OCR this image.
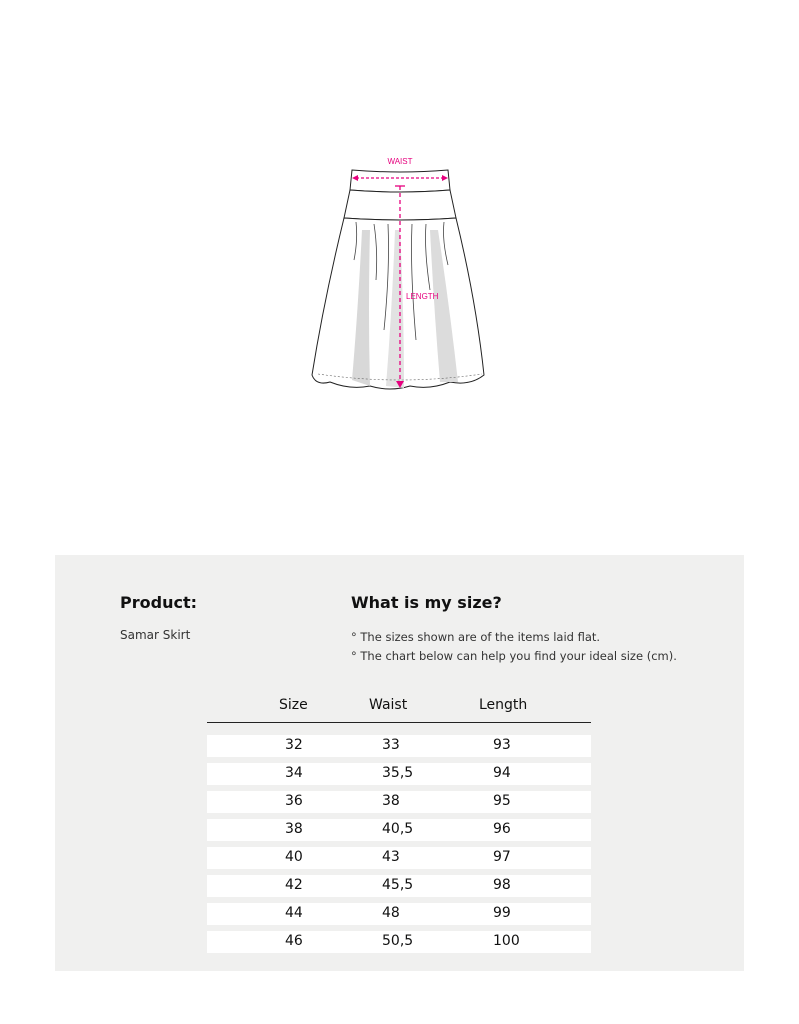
WAIST
LENGTH
Product:	What is my size?
Samar Skirt	° The sizes shown are of the items laid flat.
° The chart below can help you find your ideal size (cm).
Size	Waist	Length
32	33	93
34	35,5	94
36	38	95
38	40,5	96
40	43	97
42	45,5	98
44	48	99
46	50,5	100
